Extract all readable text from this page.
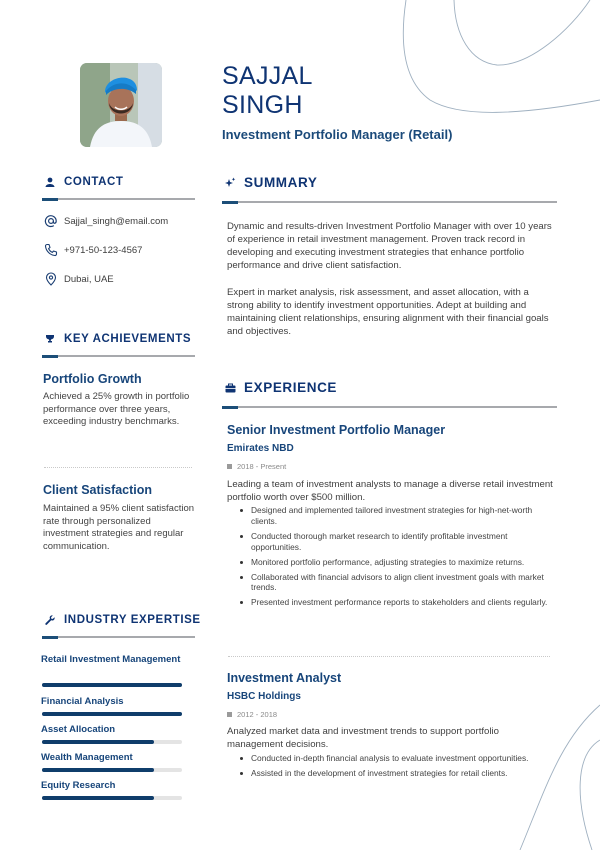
SAJJAL
SINGH
Investment Portfolio Manager (Retail)
CONTACT
Sajjal_singh@email.com
+971-50-123-4567
Dubai, UAE
KEY ACHIEVEMENTS
Portfolio Growth
Achieved a 25% growth in portfolio performance over three years, exceeding industry benchmarks.
Client Satisfaction
Maintained a 95% client satisfaction rate through personalized investment strategies and regular communication.
INDUSTRY EXPERTISE
Retail Investment Management
Financial Analysis
Asset Allocation
Wealth Management
Equity Research
SUMMARY
Dynamic and results-driven Investment Portfolio Manager with over 10 years of experience in retail investment management. Proven track record in developing and executing investment strategies that enhance portfolio performance and drive client satisfaction.
Expert in market analysis, risk assessment, and asset allocation, with a strong ability to identify investment opportunities. Adept at building and maintaining client relationships, ensuring alignment with their financial goals and objectives.
EXPERIENCE
Senior Investment Portfolio Manager
Emirates NBD
2018 - Present
Leading a team of investment analysts to manage a diverse retail investment portfolio worth over $500 million.
Designed and implemented tailored investment strategies for high-net-worth clients.
Conducted thorough market research to identify profitable investment opportunities.
Monitored portfolio performance, adjusting strategies to maximize returns.
Collaborated with financial advisors to align client investment goals with market trends.
Presented investment performance reports to stakeholders and clients regularly.
Investment Analyst
HSBC Holdings
2012 - 2018
Analyzed market data and investment trends to support portfolio management decisions.
Conducted in-depth financial analysis to evaluate investment opportunities.
Assisted in the development of investment strategies for retail clients.
